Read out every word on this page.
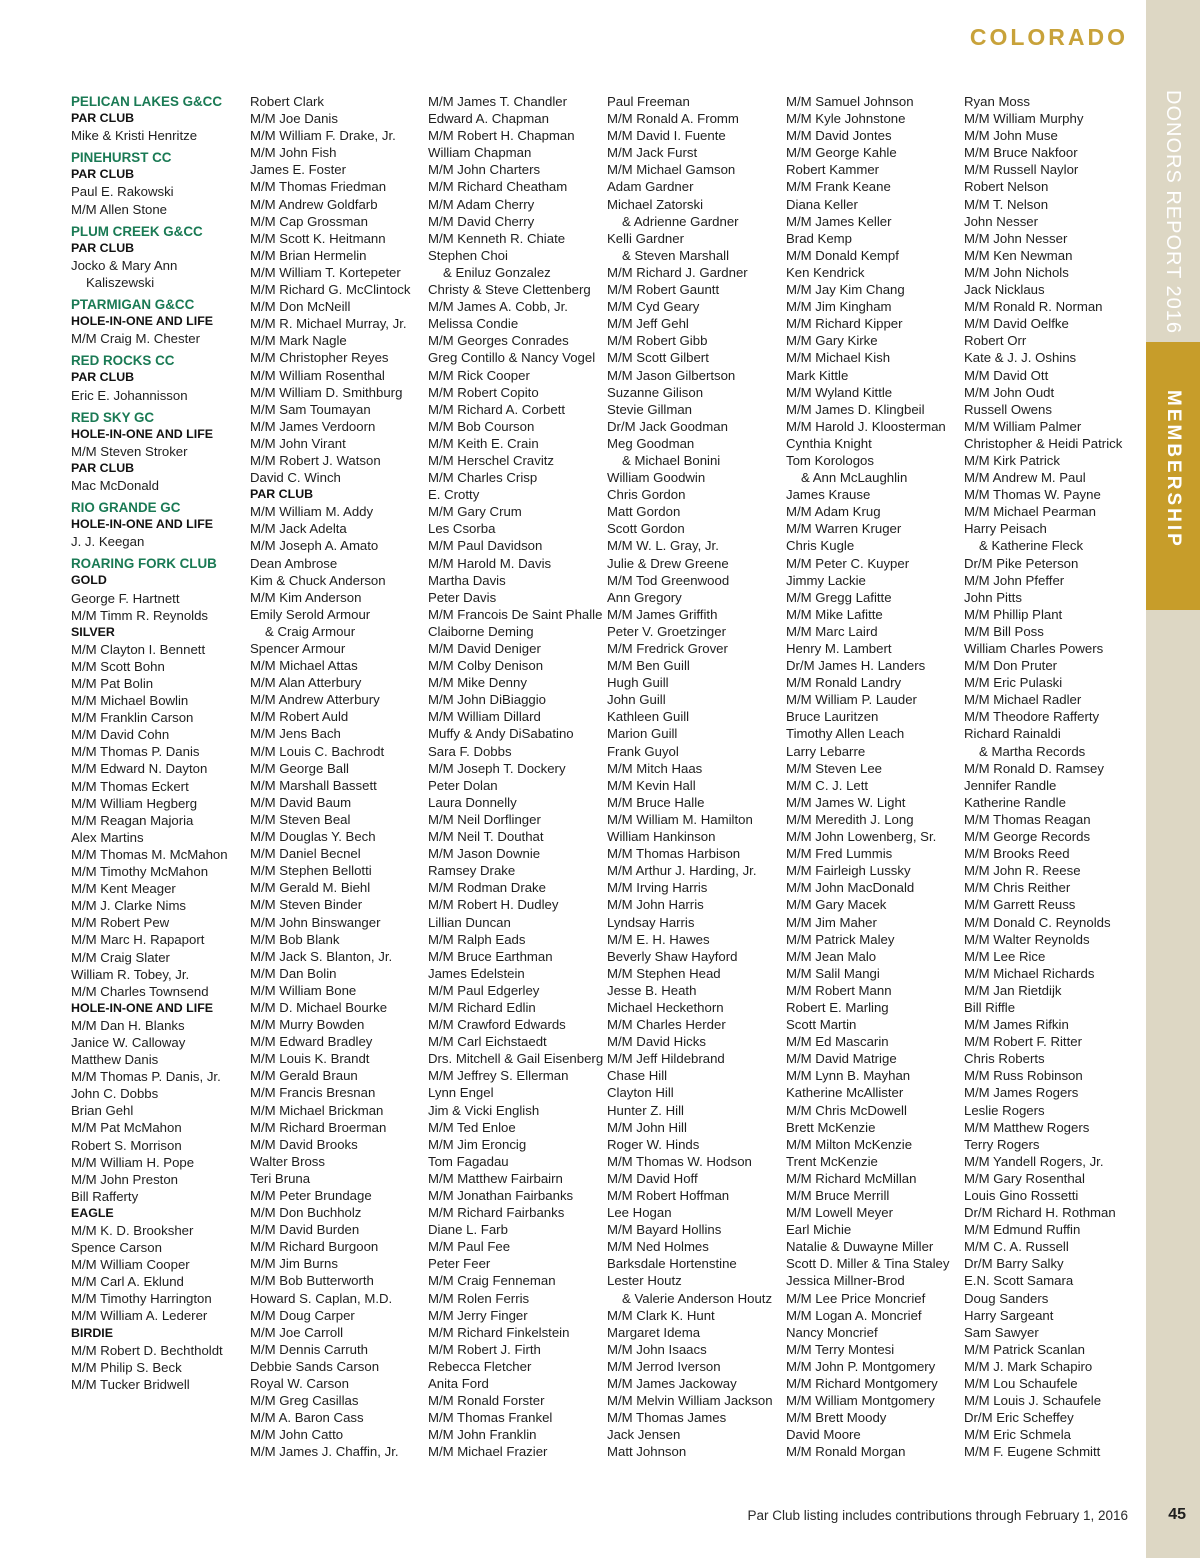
COLORADO
DONORS REPORT 2016
MEMBERSHIP
PELICAN LAKES G&CC
PAR CLUB
Mike & Kristi Henritze
PINEHURST CC
PAR CLUB
Paul E. Rakowski
M/M Allen Stone
PLUM CREEK G&CC
PAR CLUB
Jocko & Mary Ann
Kaliszewski
PTARMIGAN G&CC
HOLE-IN-ONE AND LIFE
M/M Craig M. Chester
RED ROCKS CC
PAR CLUB
Eric E. Johannisson
RED SKY GC
HOLE-IN-ONE AND LIFE
M/M Steven Stroker
PAR CLUB
Mac McDonald
RIO GRANDE GC
HOLE-IN-ONE AND LIFE
J. J. Keegan
ROARING FORK CLUB
GOLD
George F. Hartnett
M/M Timm R. Reynolds
SILVER
M/M Clayton I. Bennett
M/M Scott Bohn
M/M Pat Bolin
M/M Michael Bowlin
M/M Franklin Carson
M/M David Cohn
M/M Thomas P. Danis
M/M Edward N. Dayton
M/M Thomas Eckert
M/M William Hegberg
M/M Reagan Majoria
Alex Martins
M/M Thomas M. McMahon
M/M Timothy McMahon
M/M Kent Meager
M/M J. Clarke Nims
M/M Robert Pew
M/M Marc H. Rapaport
M/M Craig Slater
William R. Tobey, Jr.
M/M Charles Townsend
HOLE-IN-ONE AND LIFE
M/M Dan H. Blanks
Janice W. Calloway
Matthew Danis
M/M Thomas P. Danis, Jr.
John C. Dobbs
Brian Gehl
M/M Pat McMahon
Robert S. Morrison
M/M William H. Pope
M/M John Preston
Bill Rafferty
EAGLE
M/M K. D. Brooksher
Spence Carson
M/M William Cooper
M/M Carl A. Eklund
M/M Timothy Harrington
M/M William A. Lederer
BIRDIE
M/M Robert D. Bechtholdt
M/M Philip S. Beck
M/M Tucker Bridwell
Robert Clark
M/M Joe Danis
M/M William F. Drake, Jr.
M/M John Fish
James E. Foster
M/M Thomas Friedman
M/M Andrew Goldfarb
M/M Cap Grossman
M/M Scott K. Heitmann
M/M Brian Hermelin
M/M William T. Kortepeter
M/M Richard G. McClintock
M/M Don McNeill
M/M R. Michael Murray, Jr.
M/M Mark Nagle
M/M Christopher Reyes
M/M William Rosenthal
M/M William D. Smithburg
M/M Sam Toumayan
M/M James Verdoorn
M/M John Virant
M/M Robert J. Watson
David C. Winch
PAR CLUB
M/M William M. Addy
M/M Jack Adelta
M/M Joseph A. Amato
Dean Ambrose
Kim & Chuck Anderson
M/M Kim Anderson
Emily Serold Armour
& Craig Armour
Spencer Armour
M/M Michael Attas
M/M Alan Atterbury
M/M Andrew Atterbury
M/M Robert Auld
M/M Jens Bach
M/M Louis C. Bachrodt
M/M George Ball
M/M Marshall Bassett
M/M David Baum
M/M Steven Beal
M/M Douglas Y. Bech
M/M Daniel Becnel
M/M Stephen Bellotti
M/M Gerald M. Biehl
M/M Steven Binder
M/M John Binswanger
M/M Bob Blank
M/M Jack S. Blanton, Jr.
M/M Dan Bolin
M/M William Bone
M/M D. Michael Bourke
M/M Murry Bowden
M/M Edward Bradley
M/M Louis K. Brandt
M/M Gerald Braun
M/M Francis Bresnan
M/M Michael Brickman
M/M Richard Broerman
M/M David Brooks
Walter Bross
Teri Bruna
M/M Peter Brundage
M/M Don Buchholz
M/M David Burden
M/M Richard Burgoon
M/M Jim Burns
M/M Bob Butterworth
Howard S. Caplan, M.D.
M/M Doug Carper
M/M Joe Carroll
M/M Dennis Carruth
Debbie Sands Carson
Royal W. Carson
M/M Greg Casillas
M/M A. Baron Cass
M/M John Catto
M/M James J. Chaffin, Jr.
M/M James T. Chandler
Edward A. Chapman
M/M Robert H. Chapman
William Chapman
M/M John Charters
M/M Richard Cheatham
M/M Adam Cherry
M/M David Cherry
M/M Kenneth R. Chiate
Stephen Choi
& Eniluz Gonzalez
Christy & Steve Clettenberg
M/M James A. Cobb, Jr.
Melissa Condie
M/M Georges Conrades
Greg Contillo & Nancy Vogel
M/M Rick Cooper
M/M Robert Copito
M/M Richard A. Corbett
M/M Bob Courson
M/M Keith E. Crain
M/M Herschel Cravitz
M/M Charles Crisp
E. Crotty
M/M Gary Crum
Les Csorba
M/M Paul Davidson
M/M Harold M. Davis
Martha Davis
Peter Davis
M/M Francois De Saint Phalle
Claiborne Deming
M/M David Deniger
M/M Colby Denison
M/M Mike Denny
M/M John DiBiaggio
M/M William Dillard
Muffy & Andy DiSabatino
Sara F. Dobbs
M/M Joseph T. Dockery
Peter Dolan
Laura Donnelly
M/M Neil Dorflinger
M/M Neil T. Douthat
M/M Jason Downie
Ramsey Drake
M/M Rodman Drake
M/M Robert H. Dudley
Lillian Duncan
M/M Ralph Eads
M/M Bruce Earthman
James Edelstein
M/M Paul Edgerley
M/M Richard Edlin
M/M Crawford Edwards
M/M Carl Eichstaedt
Drs. Mitchell & Gail Eisenberg
M/M Jeffrey S. Ellerman
Lynn Engel
Jim & Vicki English
M/M Ted Enloe
M/M Jim Eroncig
Tom Fagadau
M/M Matthew Fairbairn
M/M Jonathan Fairbanks
M/M Richard Fairbanks
Diane L. Farb
M/M Paul Fee
Peter Feer
M/M Craig Fenneman
M/M Rolen Ferris
M/M Jerry Finger
M/M Richard Finkelstein
M/M Robert J. Firth
Rebecca Fletcher
Anita Ford
M/M Ronald Forster
M/M Thomas Frankel
M/M John Franklin
M/M Michael Frazier
Paul Freeman
M/M Ronald A. Fromm
M/M David I. Fuente
M/M Jack Furst
M/M Michael Gamson
Adam Gardner
Michael Zatorski
& Adrienne Gardner
Kelli Gardner
& Steven Marshall
M/M Richard J. Gardner
M/M Robert Gauntt
M/M Cyd Geary
M/M Jeff Gehl
M/M Robert Gibb
M/M Scott Gilbert
M/M Jason Gilbertson
Suzanne Gilison
Stevie Gillman
Dr/M Jack Goodman
Meg Goodman
& Michael Bonini
William Goodwin
Chris Gordon
Matt Gordon
Scott Gordon
M/M W. L. Gray, Jr.
Julie & Drew Greene
M/M Tod Greenwood
Ann Gregory
M/M James Griffith
Peter V. Groetzinger
M/M Fredrick Grover
M/M Ben Guill
Hugh Guill
John Guill
Kathleen Guill
Marion Guill
Frank Guyol
M/M Mitch Haas
M/M Kevin Hall
M/M Bruce Halle
M/M William M. Hamilton
William Hankinson
M/M Thomas Harbison
M/M Arthur J. Harding, Jr.
M/M Irving Harris
M/M John Harris
Lyndsay Harris
M/M E. H. Hawes
Beverly Shaw Hayford
M/M Stephen Head
Jesse B. Heath
Michael Heckethorn
M/M Charles Herder
M/M David Hicks
M/M Jeff Hildebrand
Chase Hill
Clayton Hill
Hunter Z. Hill
M/M John Hill
Roger W. Hinds
M/M Thomas W. Hodson
M/M David Hoff
M/M Robert Hoffman
Lee Hogan
M/M Bayard Hollins
M/M Ned Holmes
Barksdale Hortenstine
Lester Houtz
& Valerie Anderson Houtz
M/M Clark K. Hunt
Margaret Idema
M/M John Isaacs
M/M Jerrod Iverson
M/M James Jackoway
M/M Melvin William Jackson
M/M Thomas James
Jack Jensen
Matt Johnson
M/M Samuel Johnson
M/M Kyle Johnstone
M/M David Jontes
M/M George Kahle
Robert Kammer
M/M Frank Keane
Diana Keller
M/M James Keller
Brad Kemp
M/M Donald Kempf
Ken Kendrick
M/M Jay Kim Chang
M/M Jim Kingham
M/M Richard Kipper
M/M Gary Kirke
M/M Michael Kish
Mark Kittle
M/M Wyland Kittle
M/M James D. Klingbeil
M/M Harold J. Kloosterman
Cynthia Knight
Tom Korologos
& Ann McLaughlin
James Krause
M/M Adam Krug
M/M Warren Kruger
Chris Kugle
M/M Peter C. Kuyper
Jimmy Lackie
M/M Gregg Lafitte
M/M Mike Lafitte
M/M Marc Laird
Henry M. Lambert
Dr/M James H. Landers
M/M Ronald Landry
M/M William P. Lauder
Bruce Lauritzen
Timothy Allen Leach
Larry Lebarre
M/M Steven Lee
M/M C. J. Lett
M/M James W. Light
M/M Meredith J. Long
M/M John Lowenberg, Sr.
M/M Fred Lummis
M/M Fairleigh Lussky
M/M John MacDonald
M/M Gary Macek
M/M Jim Maher
M/M Patrick Maley
M/M Jean Malo
M/M Salil Mangi
M/M Robert Mann
Robert E. Marling
Scott Martin
M/M Ed Mascarin
M/M David Matrige
M/M Lynn B. Mayhan
Katherine McAllister
M/M Chris McDowell
Brett McKenzie
M/M Milton McKenzie
Trent McKenzie
M/M Richard McMillan
M/M Bruce Merrill
M/M Lowell Meyer
Earl Michie
Natalie & Duwayne Miller
Scott D. Miller & Tina Staley
Jessica Millner-Brod
M/M Lee Price Moncrief
M/M Logan A. Moncrief
Nancy Moncrief
M/M Terry Montesi
M/M John P. Montgomery
M/M Richard Montgomery
M/M William Montgomery
M/M Brett Moody
David Moore
M/M Ronald Morgan
Ryan Moss
M/M William Murphy
M/M John Muse
M/M Bruce Nakfoor
M/M Russell Naylor
Robert Nelson
M/M T. Nelson
John Nesser
M/M John Nesser
M/M Ken Newman
M/M John Nichols
Jack Nicklaus
M/M Ronald R. Norman
M/M David Oelfke
Robert Orr
Kate & J. J. Oshins
M/M David Ott
M/M John Oudt
Russell Owens
M/M William Palmer
Christopher & Heidi Patrick
M/M Kirk Patrick
M/M Andrew M. Paul
M/M Thomas W. Payne
M/M Michael Pearman
Harry Peisach
& Katherine Fleck
Dr/M Pike Peterson
M/M John Pfeffer
John Pitts
M/M Phillip Plant
M/M Bill Poss
William Charles Powers
M/M Don Pruter
M/M Eric Pulaski
M/M Michael Radler
M/M Theodore Rafferty
Richard Rainaldi
& Martha Records
M/M Ronald D. Ramsey
Jennifer Randle
Katherine Randle
M/M Thomas Reagan
M/M George Records
M/M Brooks Reed
M/M John R. Reese
M/M Chris Reither
M/M Garrett Reuss
M/M Donald C. Reynolds
M/M Walter Reynolds
M/M Lee Rice
M/M Michael Richards
M/M Jan Rietdijk
Bill Riffle
M/M James Rifkin
M/M Robert F. Ritter
Chris Roberts
M/M Russ Robinson
M/M James Rogers
Leslie Rogers
M/M Matthew Rogers
Terry Rogers
M/M Yandell Rogers, Jr.
M/M Gary Rosenthal
Louis Gino Rossetti
Dr/M Richard H. Rothman
M/M Edmund Ruffin
M/M C. A. Russell
Dr/M Barry Salky
E.N. Scott Samara
Doug Sanders
Harry Sargeant
Sam Sawyer
M/M Patrick Scanlan
M/M J. Mark Schapiro
M/M Lou Schaufele
M/M Louis J. Schaufele
Dr/M Eric Scheffey
M/M Eric Schmela
M/M F. Eugene Schmitt
Par Club listing includes contributions through February 1, 2016	45
